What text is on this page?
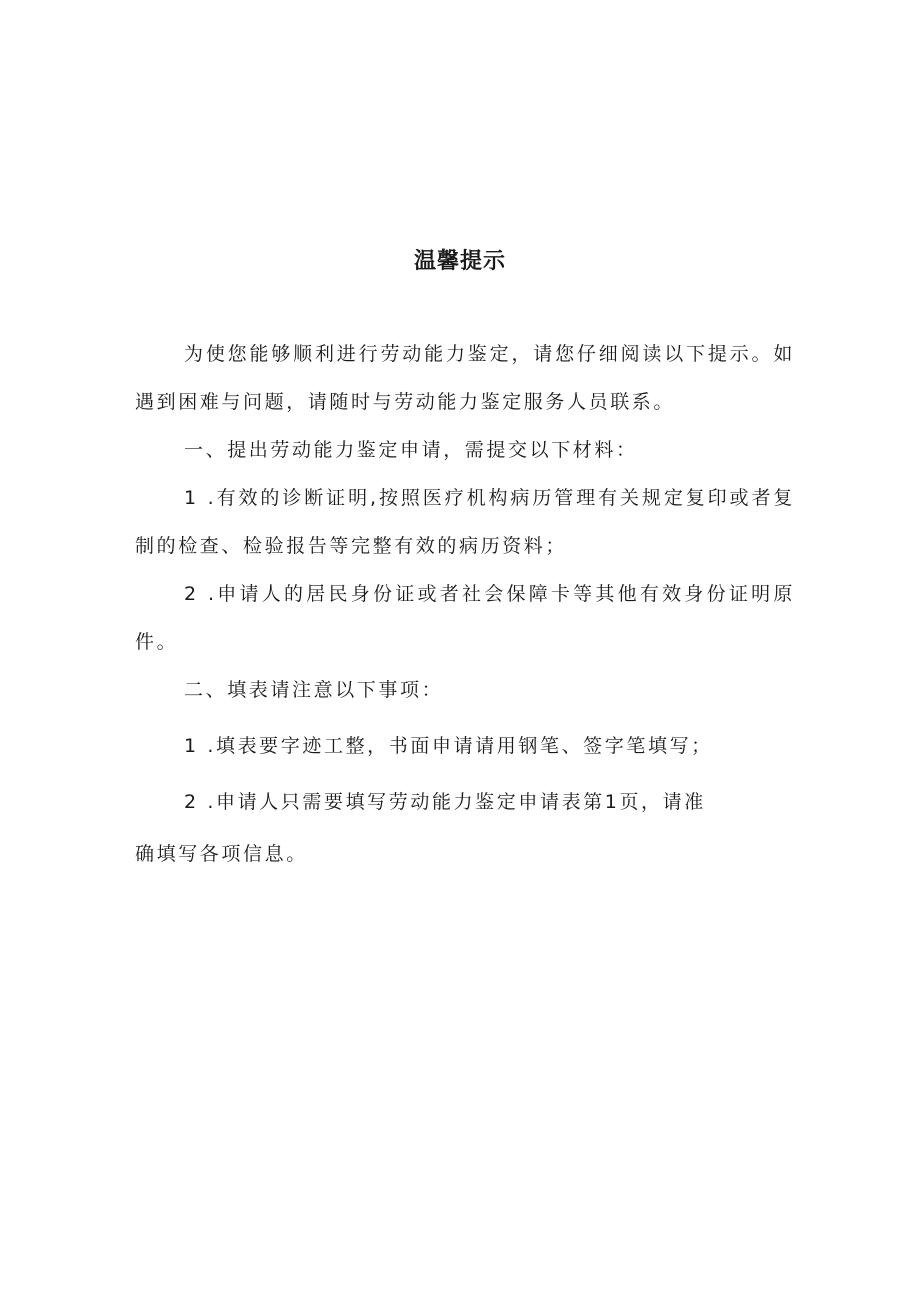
温馨提示
为使您能够顺利进行劳动能力鉴定，请您仔细阅读以下提示。如遇到困难与问题，请随时与劳动能力鉴定服务人员联系。
一、提出劳动能力鉴定申请，需提交以下材料：
1 .有效的诊断证明,按照医疗机构病历管理有关规定复印或者复制的检查、检验报告等完整有效的病历资料；
2 .申请人的居民身份证或者社会保障卡等其他有效身份证明原件。
二、填表请注意以下事项：
1 .填表要字迹工整，书面申请请用钢笔、签字笔填写；
2 .申请人只需要填写劳动能力鉴定申请表第1页，请准
确填写各项信息。
